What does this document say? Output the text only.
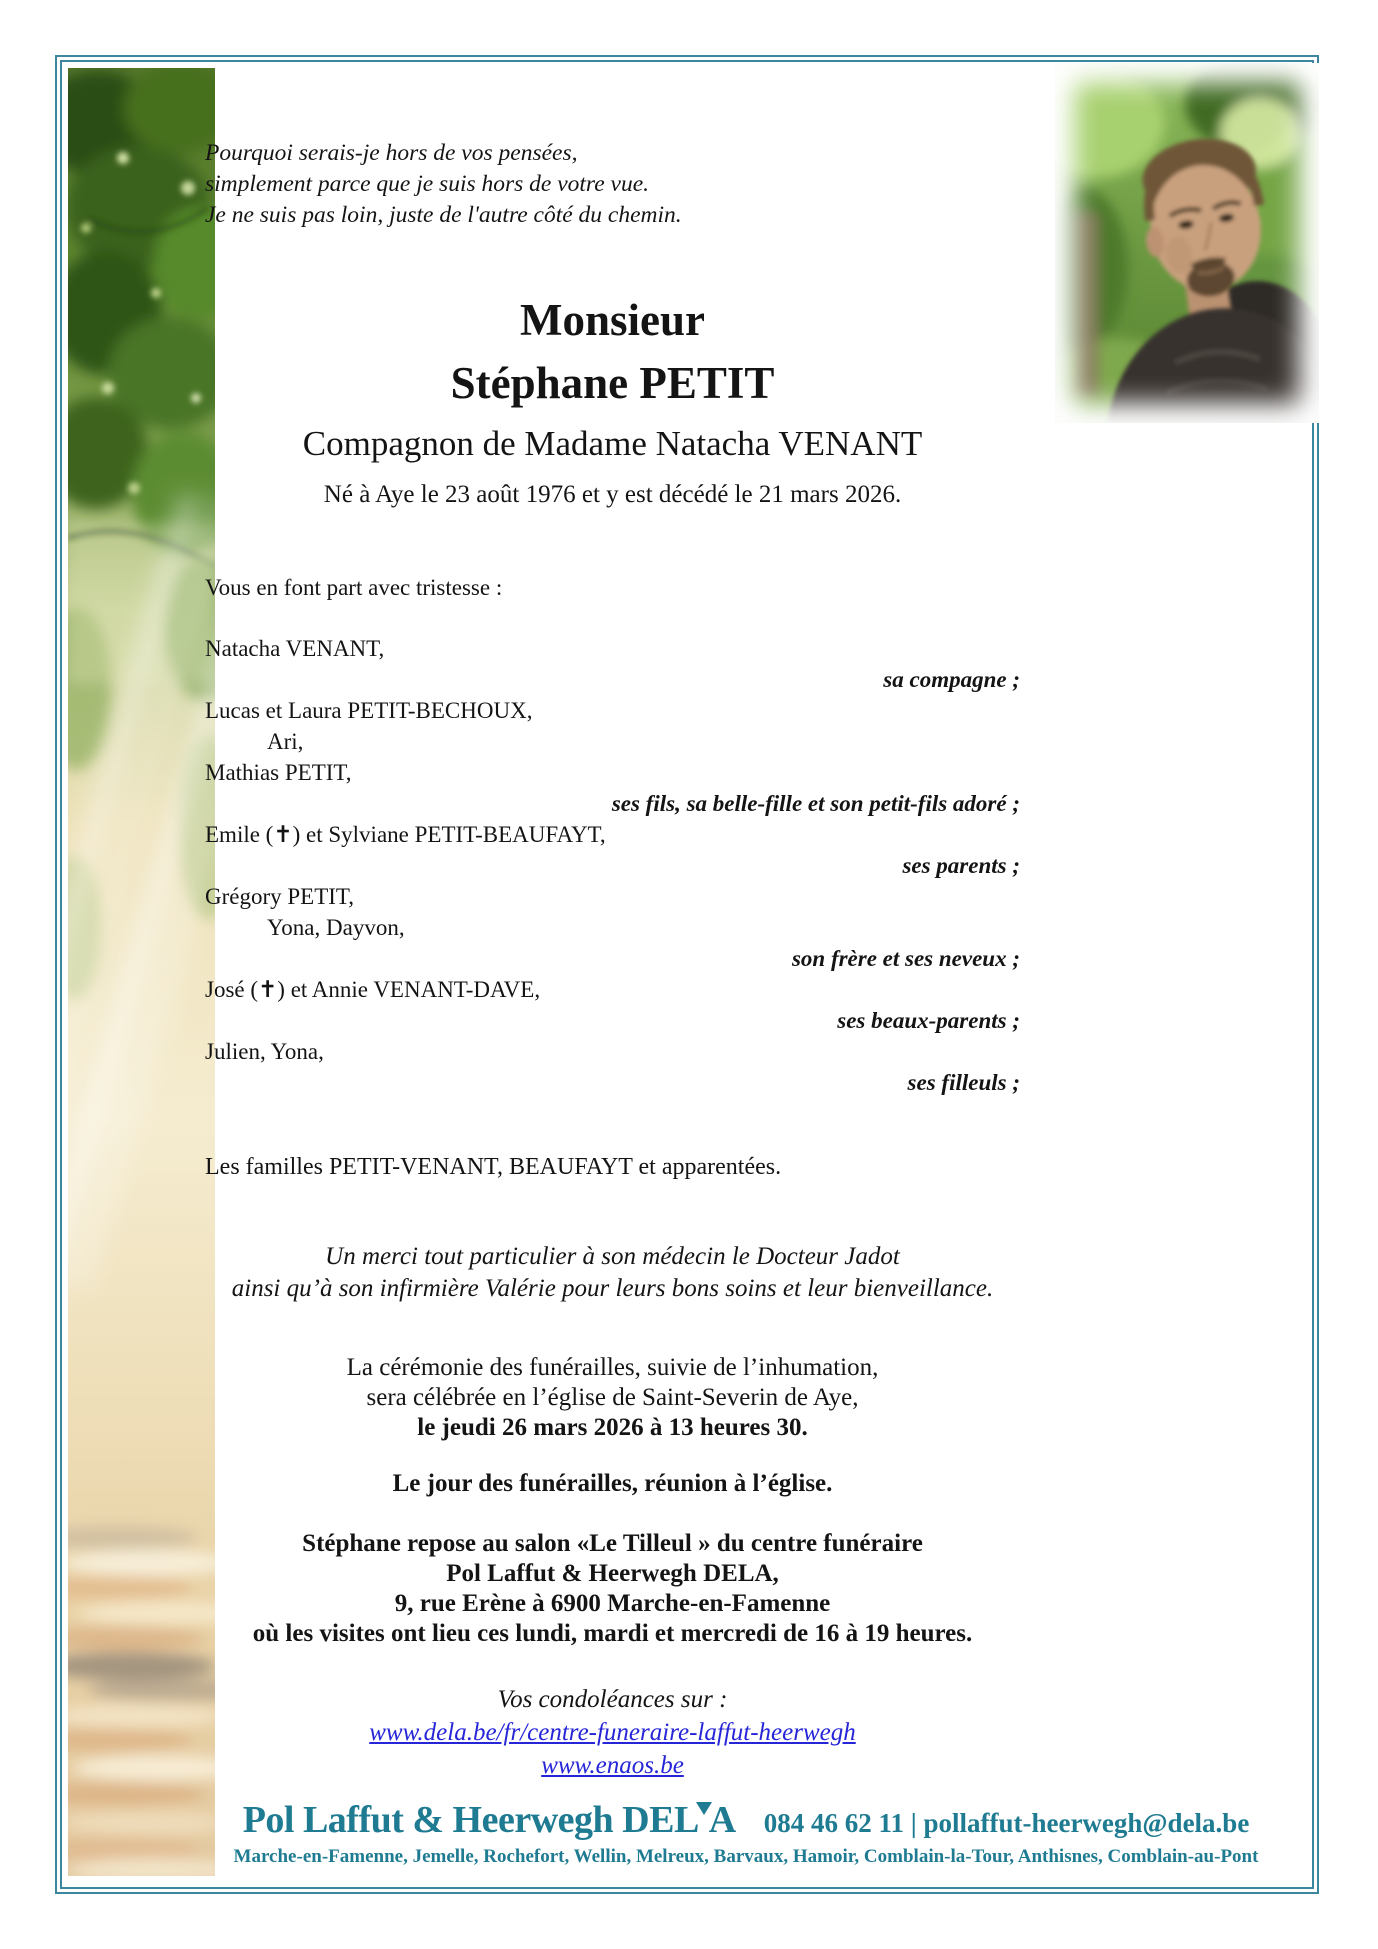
Pourquoi serais-je hors de vos pensées,
simplement parce que je suis hors de votre vue.
Je ne suis pas loin, juste de l'autre côté du chemin.
Monsieur
Stéphane PETIT
Compagnon de Madame Natacha VENANT
Né à Aye le 23 août 1976 et y est décédé le 21 mars 2026.
Vous en font part avec tristesse :
Natacha VENANT,
sa compagne ;
Lucas et Laura PETIT-BECHOUX,
Ari,
Mathias PETIT,
ses fils, sa belle-fille et son petit-fils adoré ;
Emile (✝) et Sylviane PETIT-BEAUFAYT,
ses parents ;
Grégory PETIT,
Yona, Dayvon,
son frère et ses neveux ;
José (✝) et Annie VENANT-DAVE,
ses beaux-parents ;
Julien, Yona,
ses filleuls ;
Les familles PETIT-VENANT, BEAUFAYT et apparentées.
Un merci tout particulier à son médecin le Docteur Jadot
ainsi qu’à son infirmière Valérie pour leurs bons soins et leur bienveillance.
La cérémonie des funérailles, suivie de l’inhumation,
sera célébrée en l’église de Saint-Severin de Aye,
le jeudi 26 mars 2026 à 13 heures 30.
Le jour des funérailles, réunion à l’église.
Stéphane repose au salon «Le Tilleul » du centre funéraire
Pol Laffut & Heerwegh DELA,
9, rue Erène à 6900 Marche-en-Famenne
où les visites ont lieu ces lundi, mardi et mercredi de 16 à 19 heures.
Vos condoléances sur :
www.dela.be/fr/centre-funeraire-laffut-heerwegh
www.enaos.be
Pol Laffut & Heerwegh DEL A 084 46 62 11 | pollaffut-heerwegh@dela.be
Marche-en-Famenne, Jemelle, Rochefort, Wellin, Melreux, Barvaux, Hamoir, Comblain-la-Tour, Anthisnes, Comblain-au-Pont
